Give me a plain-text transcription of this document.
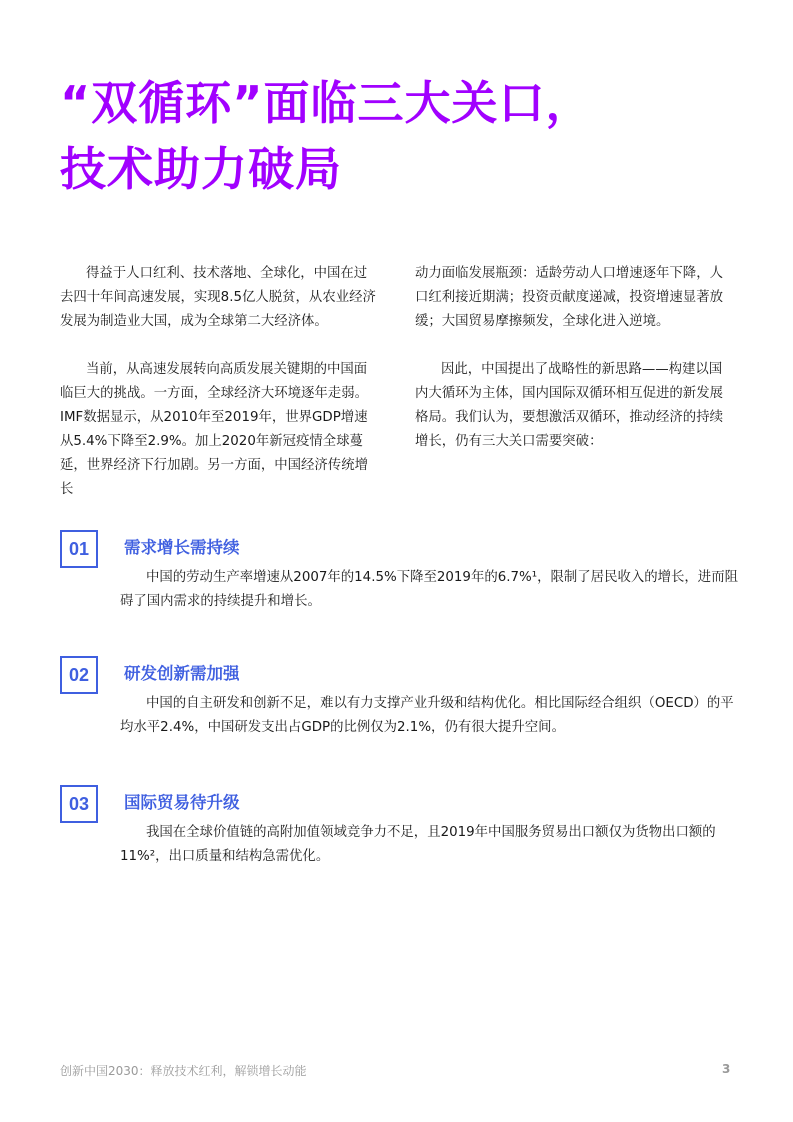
“双循环”面临三大关口，
技术助力破局

得益于人口红利、技术落地、全球化，中国在过去四十年间高速发展，实现8.5亿人脱贫，从农业经济发展为制造业大国，成为全球第二大经济体。

当前，从高速发展转向高质发展关键期的中国面临巨大的挑战。一方面，全球经济大环境逐年走弱。IMF数据显示，从2010年至2019年，世界GDP增速从5.4%下降至2.9%。加上2020年新冠疫情全球蔓延，世界经济下行加剧。另一方面，中国经济传统增长

动力面临发展瓶颈：适龄劳动人口增速逐年下降，人口红利接近期满；投资贡献度递减，投资增速显著放缓；大国贸易摩擦频发，全球化进入逆境。

因此，中国提出了战略性的新思路——构建以国内大循环为主体，国内国际双循环相互促进的新发展格局。我们认为，要想激活双循环，推动经济的持续增长，仍有三大关口需要突破：

01	需求增长需持续

中国的劳动生产率增速从2007年的14.5%下降至2019年的6.7%¹，限制了居民收入的增长，进而阻碍了国内需求的持续提升和增长。

02	研发创新需加强

中国的自主研发和创新不足，难以有力支撑产业升级和结构优化。相比国际经合组织（OECD）的平均水平2.4%，中国研发支出占GDP的比例仅为2.1%，仍有很大提升空间。

03	国际贸易待升级

我国在全球价值链的高附加值领域竞争力不足，且2019年中国服务贸易出口额仅为货物出口额的11%²，出口质量和结构急需优化。

创新中国2030：释放技术红利，解锁增长动能	3
